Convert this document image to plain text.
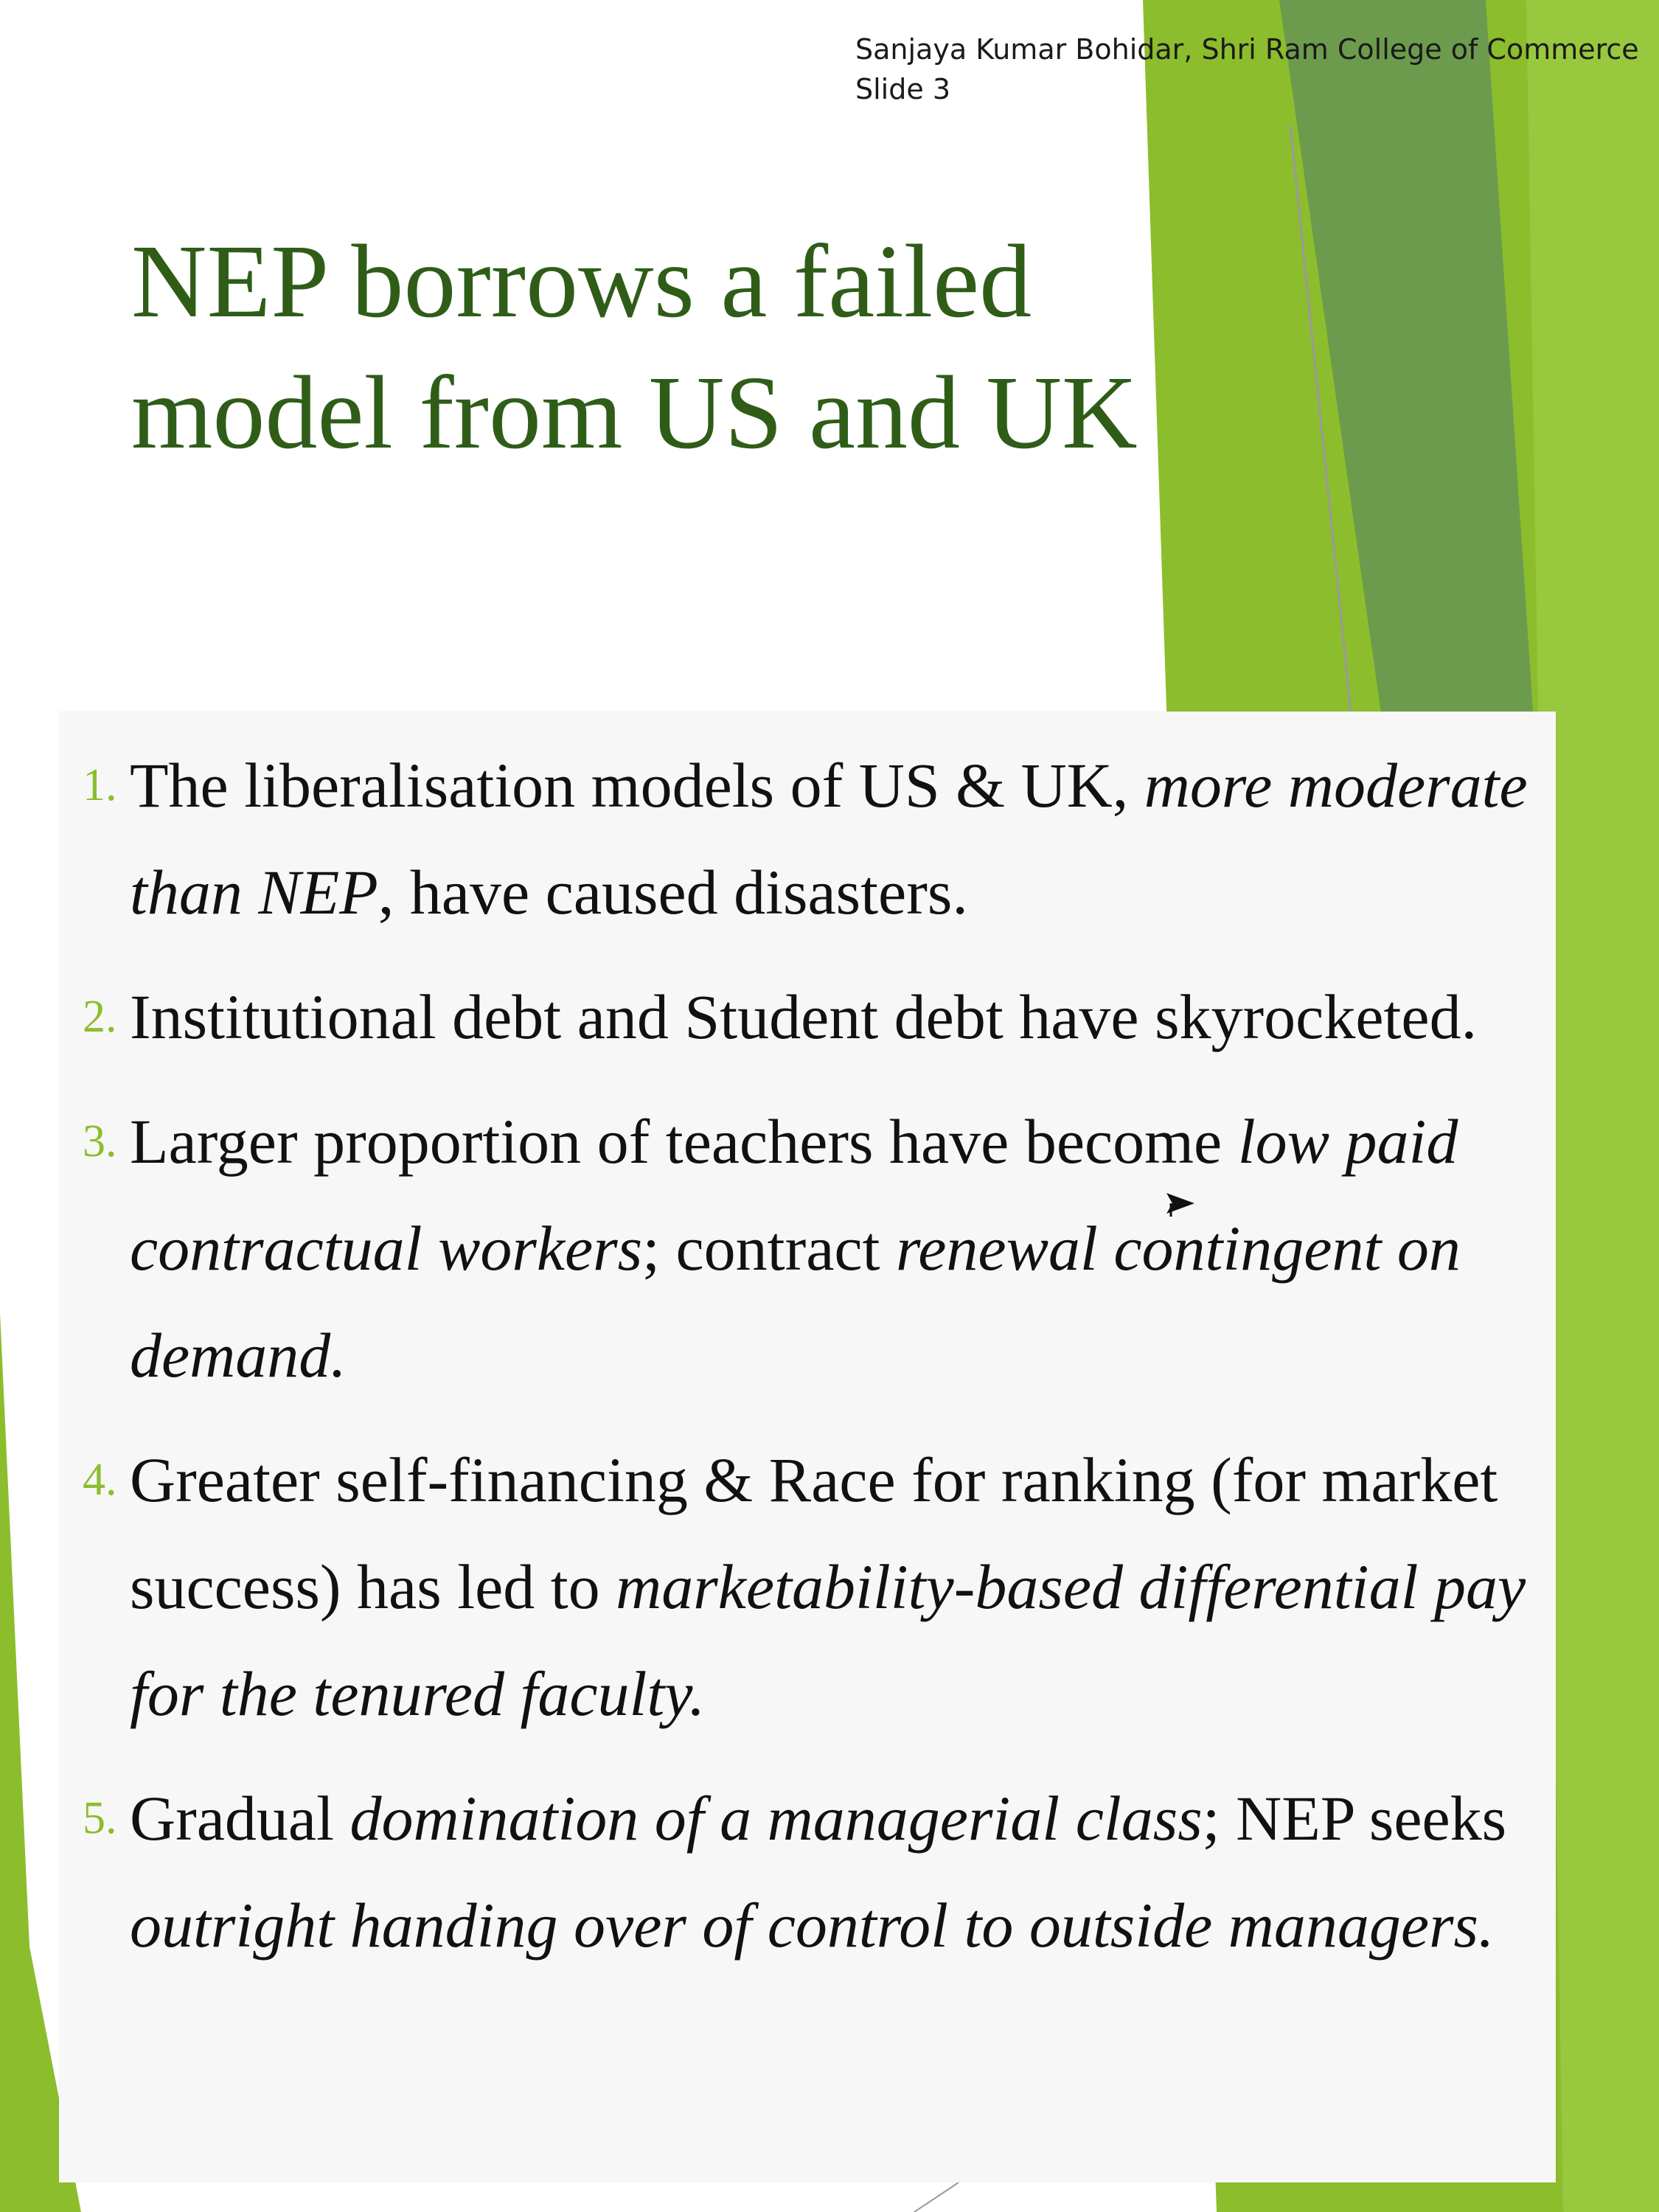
Sanjaya Kumar Bohidar, Shri Ram College of Commerce
Slide 3
NEP borrows a failed
model from US and UK
1. The liberalisation models of US & UK, more moderate than NEP, have caused disasters.
2. Institutional debt and Student debt have skyrocketed.
3. Larger proportion of teachers have become low paid contractual workers; contract renewal contingent on demand.
4. Greater self-financing & Race for ranking (for market success) has led to marketability-based differential pay for the tenured faculty.
5. Gradual domination of a managerial class; NEP seeks outright handing over of control to outside managers.
